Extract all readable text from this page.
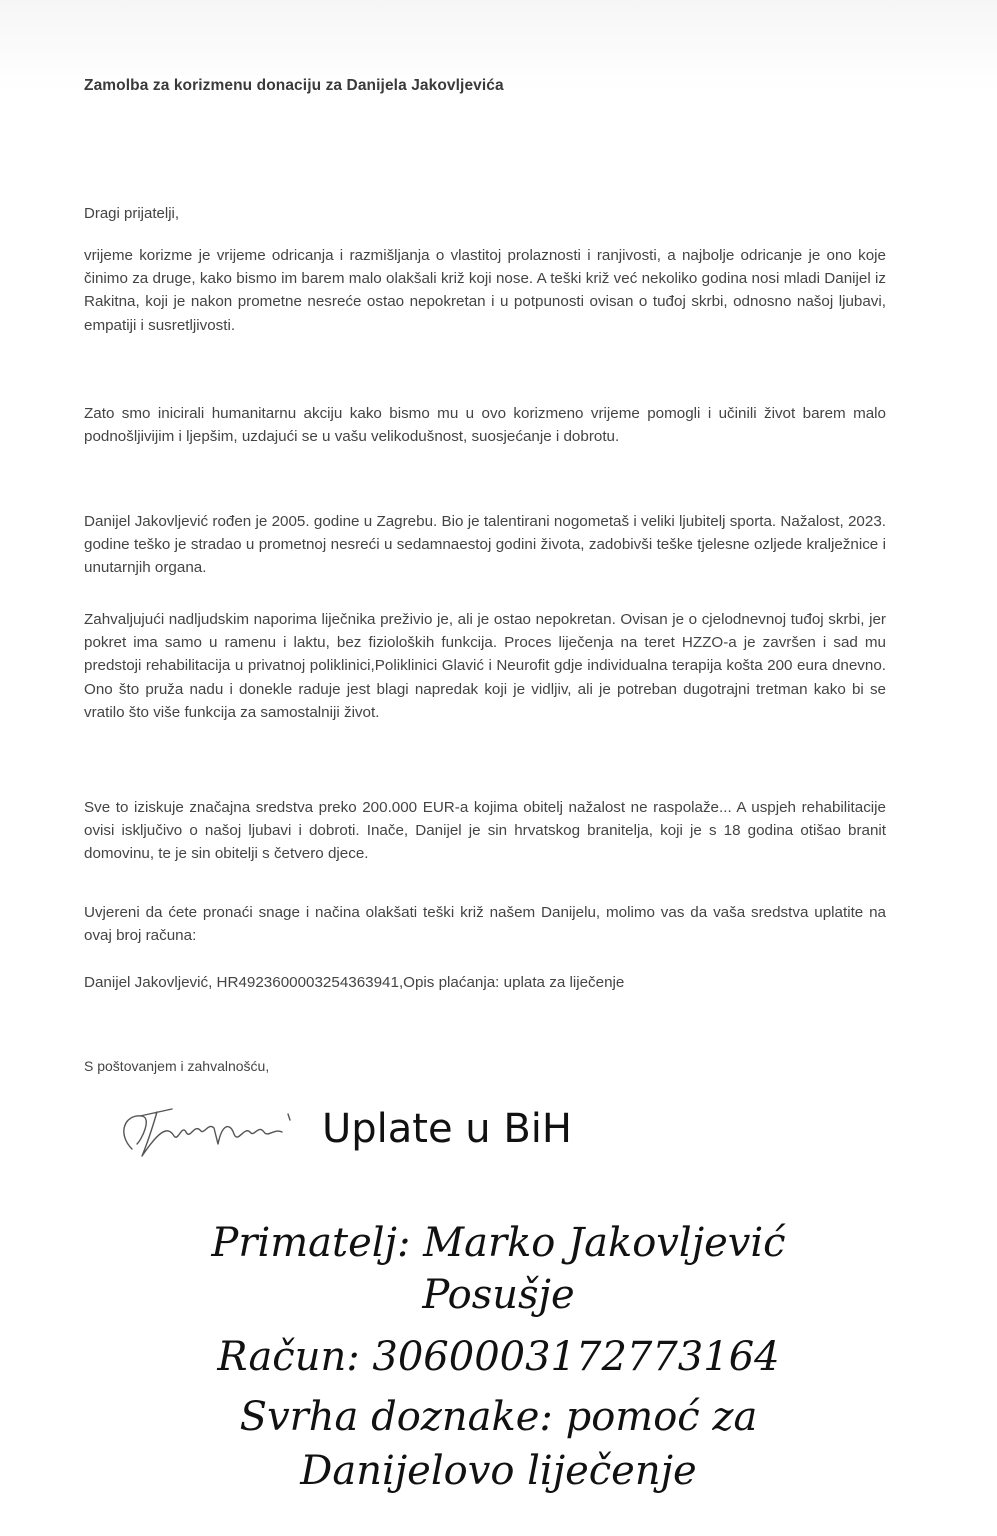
Zamolba za korizmenu donaciju za Danijela Jakovljevića
Dragi prijatelji,
vrijeme korizme je vrijeme odricanja i razmišljanja o vlastitoj prolaznosti i ranjivosti, a najbolje odricanje je ono koje činimo za druge, kako bismo im barem malo olakšali križ koji nose. A teški križ već nekoliko godina nosi mladi Danijel iz Rakitna, koji je nakon prometne nesreće ostao nepokretan i u potpunosti ovisan o tuđoj skrbi, odnosno našoj ljubavi, empatiji i susretljivosti.
Zato smo inicirali humanitarnu akciju kako bismo mu u ovo korizmeno vrijeme pomogli i učinili život barem malo podnošljivijim i ljepšim, uzdajući se u vašu velikodušnost, suosjećanje i dobrotu.
Danijel Jakovljević rođen je 2005. godine u Zagrebu. Bio je talentirani nogometaš i veliki ljubitelj sporta. Nažalost, 2023. godine teško je stradao u prometnoj nesreći u sedamnaestoj godini života, zadobivši teške tjelesne ozljede kralježnice i unutarnjih organa.
Zahvaljujući nadljudskim naporima liječnika preživio je, ali je ostao nepokretan. Ovisan je o cjelodnevnoj tuđoj skrbi, jer pokret ima samo u ramenu i laktu, bez fizioloških funkcija. Proces liječenja na teret HZZO-a je završen i sad mu predstoji rehabilitacija u privatnoj poliklinici,Poliklinici Glavić i Neurofit gdje individualna terapija košta 200 eura dnevno. Ono što pruža nadu i donekle raduje jest blagi napredak koji je vidljiv, ali je potreban dugotrajni tretman kako bi se vratilo što više funkcija za samostalniji život.
Sve to iziskuje značajna sredstva preko 200.000 EUR-a kojima obitelj nažalost ne raspolaže... A uspjeh rehabilitacije ovisi isključivo o našoj ljubavi i dobroti. Inače, Danijel je sin hrvatskog branitelja, koji je s 18 godina otišao branit domovinu, te je sin obitelji s četvero djece.
Uvjereni da ćete pronaći snage i načina olakšati teški križ našem Danijelu, molimo vas da vaša sredstva uplatite na ovaj broj računa:
Danijel Jakovljević, HR4923600003254363941,Opis plaćanja: uplata za liječenje
S poštovanjem i zahvalnošću,
Uplate u BiH
Primatelj: Marko Jakovljević
Posušje
Račun: 3060003172773164
Svrha doznake: pomoć za
Danijelovo liječenje
